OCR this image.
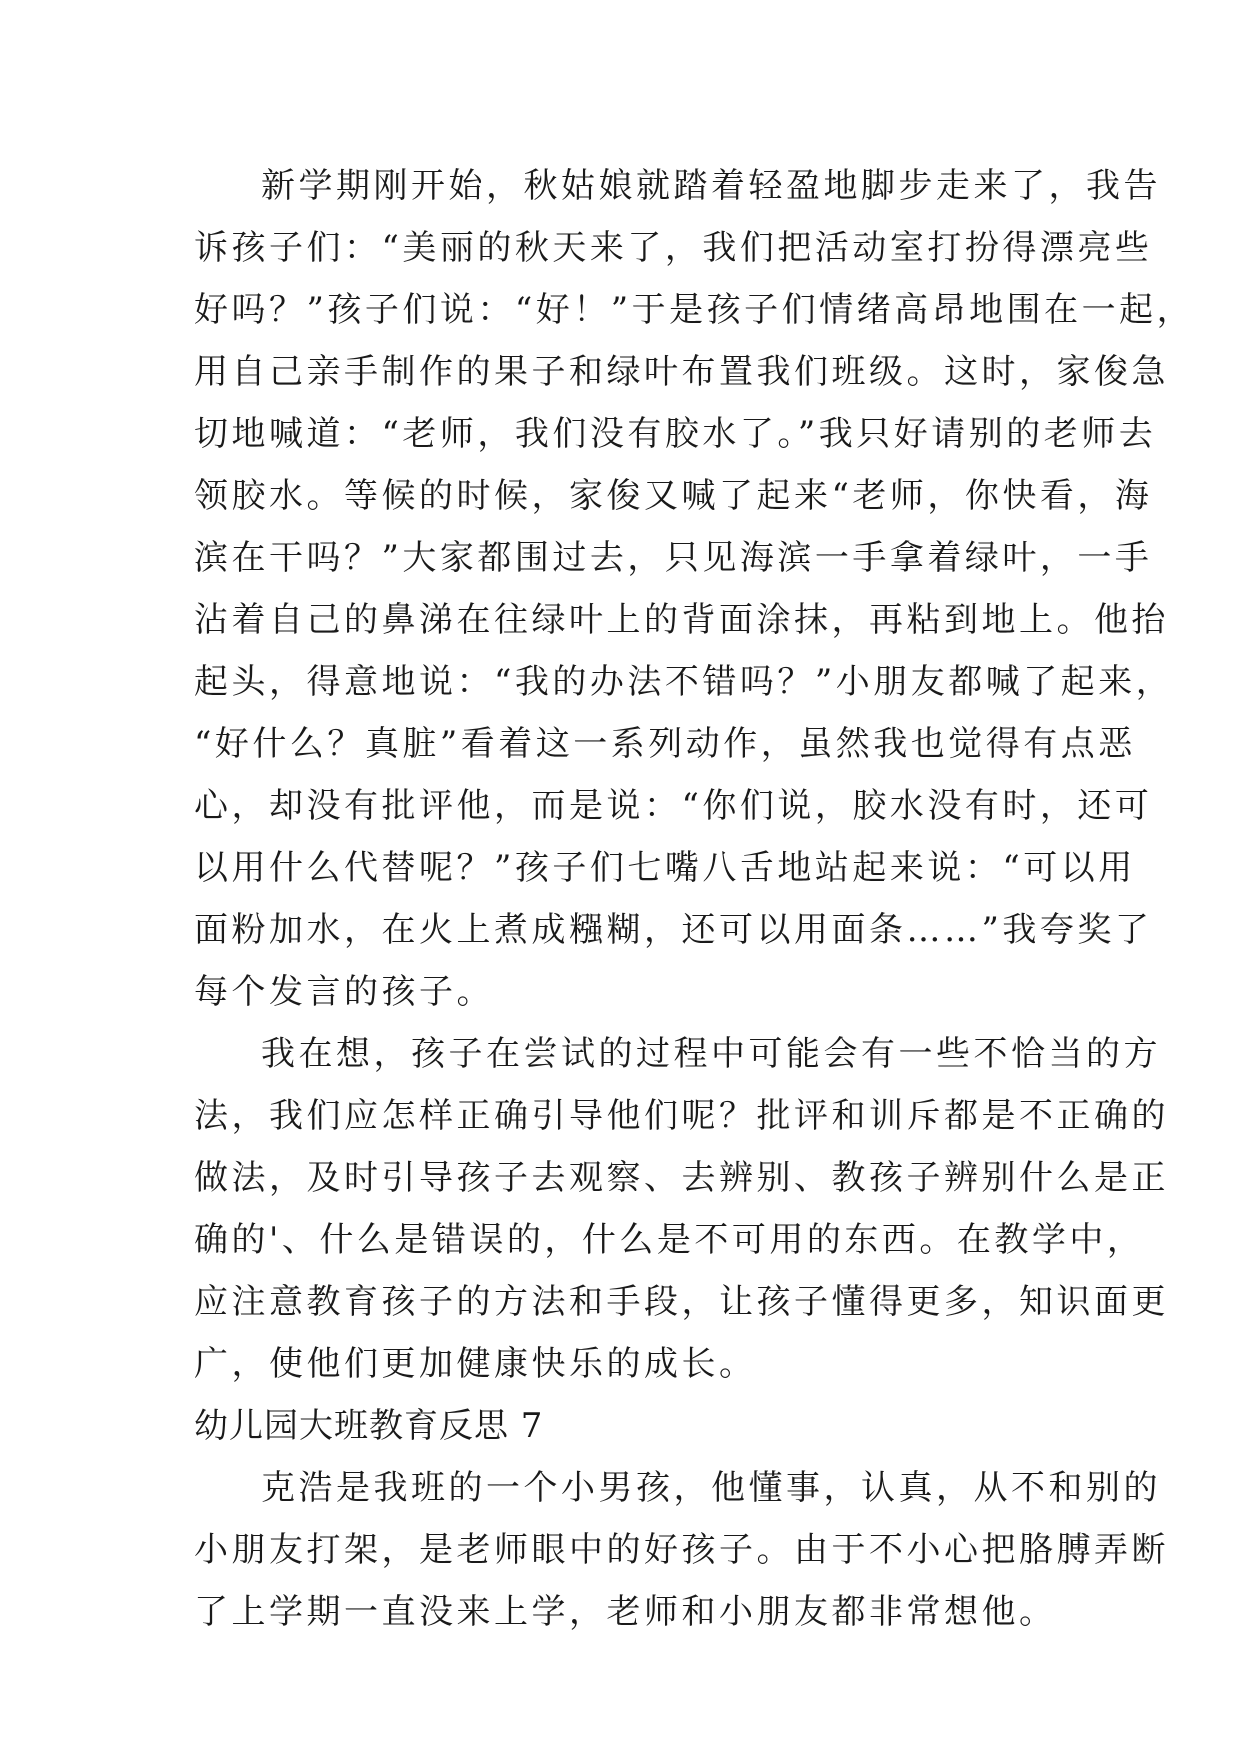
新学期刚开始，秋姑娘就踏着轻盈地脚步走来了，我告
诉孩子们：“美丽的秋天来了，我们把活动室打扮得漂亮些
好吗？”孩子们说：“好！”于是孩子们情绪高昂地围在一起，
用自己亲手制作的果子和绿叶布置我们班级。这时，家俊急
切地喊道：“老师，我们没有胶水了。”我只好请别的老师去
领胶水。等候的时候，家俊又喊了起来“老师，你快看，海
滨在干吗？”大家都围过去，只见海滨一手拿着绿叶，一手
沾着自己的鼻涕在往绿叶上的背面涂抹，再粘到地上。他抬
起头，得意地说：“我的办法不错吗？”小朋友都喊了起来，
“好什么？真脏”看着这一系列动作，虽然我也觉得有点恶
心，却没有批评他，而是说：“你们说，胶水没有时，还可
以用什么代替呢？”孩子们七嘴八舌地站起来说：“可以用
面粉加水，在火上煮成糨糊，还可以用面条……”我夸奖了
每个发言的孩子。
我在想，孩子在尝试的过程中可能会有一些不恰当的方
法，我们应怎样正确引导他们呢？批评和训斥都是不正确的
做法，及时引导孩子去观察、去辨别、教孩子辨别什么是正
确的'、什么是错误的，什么是不可用的东西。在教学中，
应注意教育孩子的方法和手段，让孩子懂得更多，知识面更
广，使他们更加健康快乐的成长。
幼儿园大班教育反思 7
克浩是我班的一个小男孩，他懂事，认真，从不和别的
小朋友打架，是老师眼中的好孩子。由于不小心把胳膊弄断
了上学期一直没来上学，老师和小朋友都非常想他。
